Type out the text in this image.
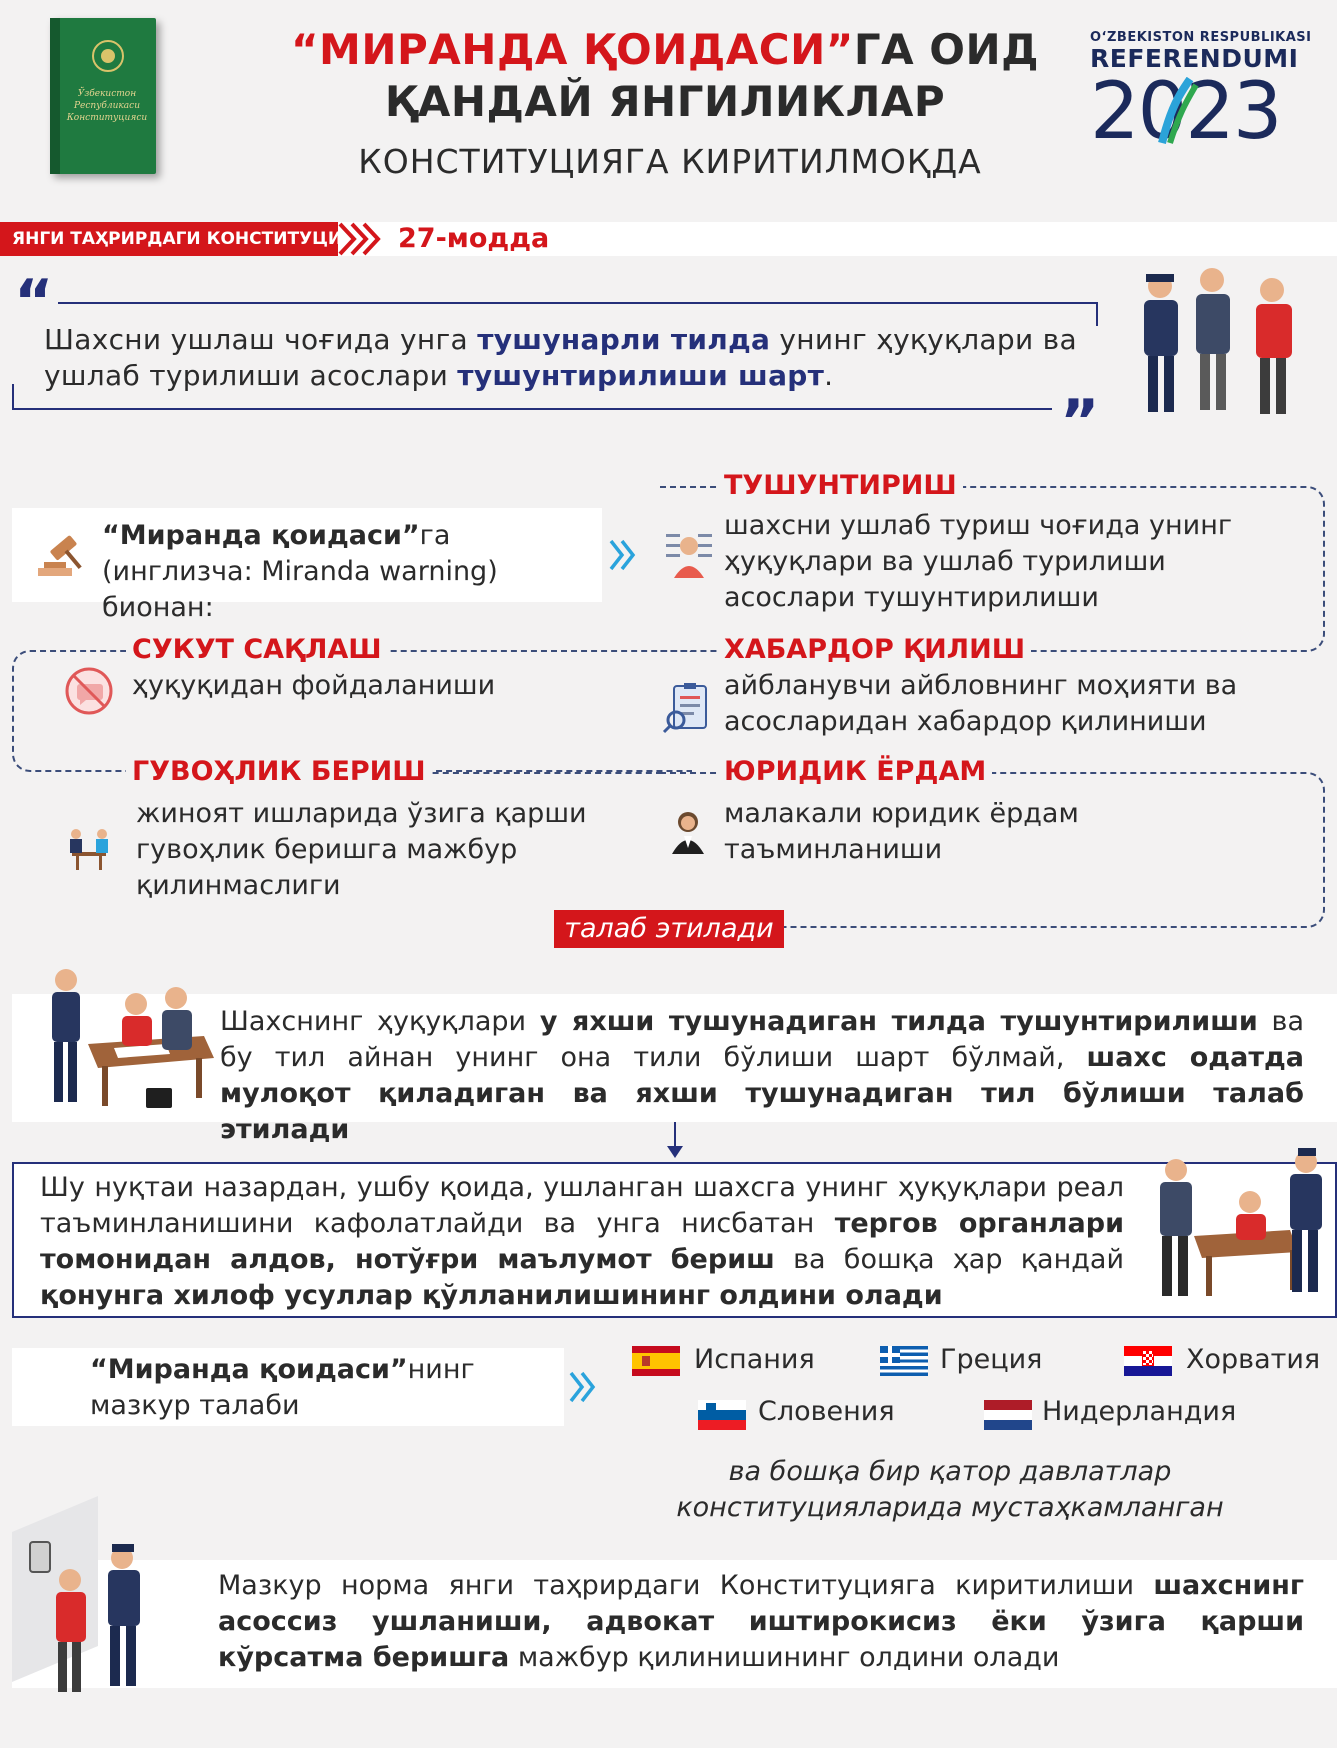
Ўзбекистон Республикаси Конституцияси
“МИРАНДА ҚОИДАСИ”ГА ОИД
ҚАНДАЙ ЯНГИЛИКЛАР
КОНСТИТУЦИЯГА КИРИТИЛМОҚДА
O‘ZBEKISTON RESPUBLIKASI
REFERENDUMI
2023
ЯНГИ ТАҲРИРДАГИ КОНСТИТУЦИЯ 27-модда
“
”
Шахсни ушлаш чоғида унга тушунарли тилда унинг ҳуқуқлари ва ушлаб турилиши асослари тушунтирилиши шарт.
“Миранда қоидаси”га (инглизча: Miranda warning) бионан:
ТУШУНТИРИШ
шахсни ушлаб туриш чоғида унинг ҳуқуқлари ва ушлаб турилиши асослари тушунтирилиши
СУКУТ САҚЛАШ
ҳуқуқидан фойдаланиши
ХАБАРДОР ҚИЛИШ
айбланувчи айбловнинг моҳияти ва асосларидан хабардор қилиниши
ГУВОҲЛИК БЕРИШ
жиноят ишларида ўзига қарши гувоҳлик беришга мажбур қилинмаслиги
ЮРИДИК ЁРДАМ
малакали юридик ёрдам таъминланиши
талаб этилади
Шахснинг ҳуқуқлари у яхши тушунадиган тилда тушунтирилиши ва бу тил айнан унинг она тили бўлиши шарт бўлмай, шахс одатда мулоқот қиладиган ва яхши тушунадиган тил бўлиши талаб этилади
Шу нуқтаи назардан, ушбу қоида, ушланган шахсга унинг ҳуқуқлари реал таъминланишини кафолатлайди ва унга нисбатан тергов органлари томонидан алдов, нотўғри маълумот бериш ва бошқа ҳар қандай қонунга хилоф усуллар қўлланилишининг олдини олади
“Миранда қоидаси”нинг мазкур талаби
Испания	Греция	Хорватия
Словения	Нидерландия
ва бошқа бир қатор давлатлар конституцияларида мустаҳкамланган
Мазкур норма янги таҳрирдаги Конституцияга киритилиши шахснинг асоссиз ушланиши, адвокат иштирокисиз ёки ўзига қарши кўрсатма беришга мажбур қилинишининг олдини олади
